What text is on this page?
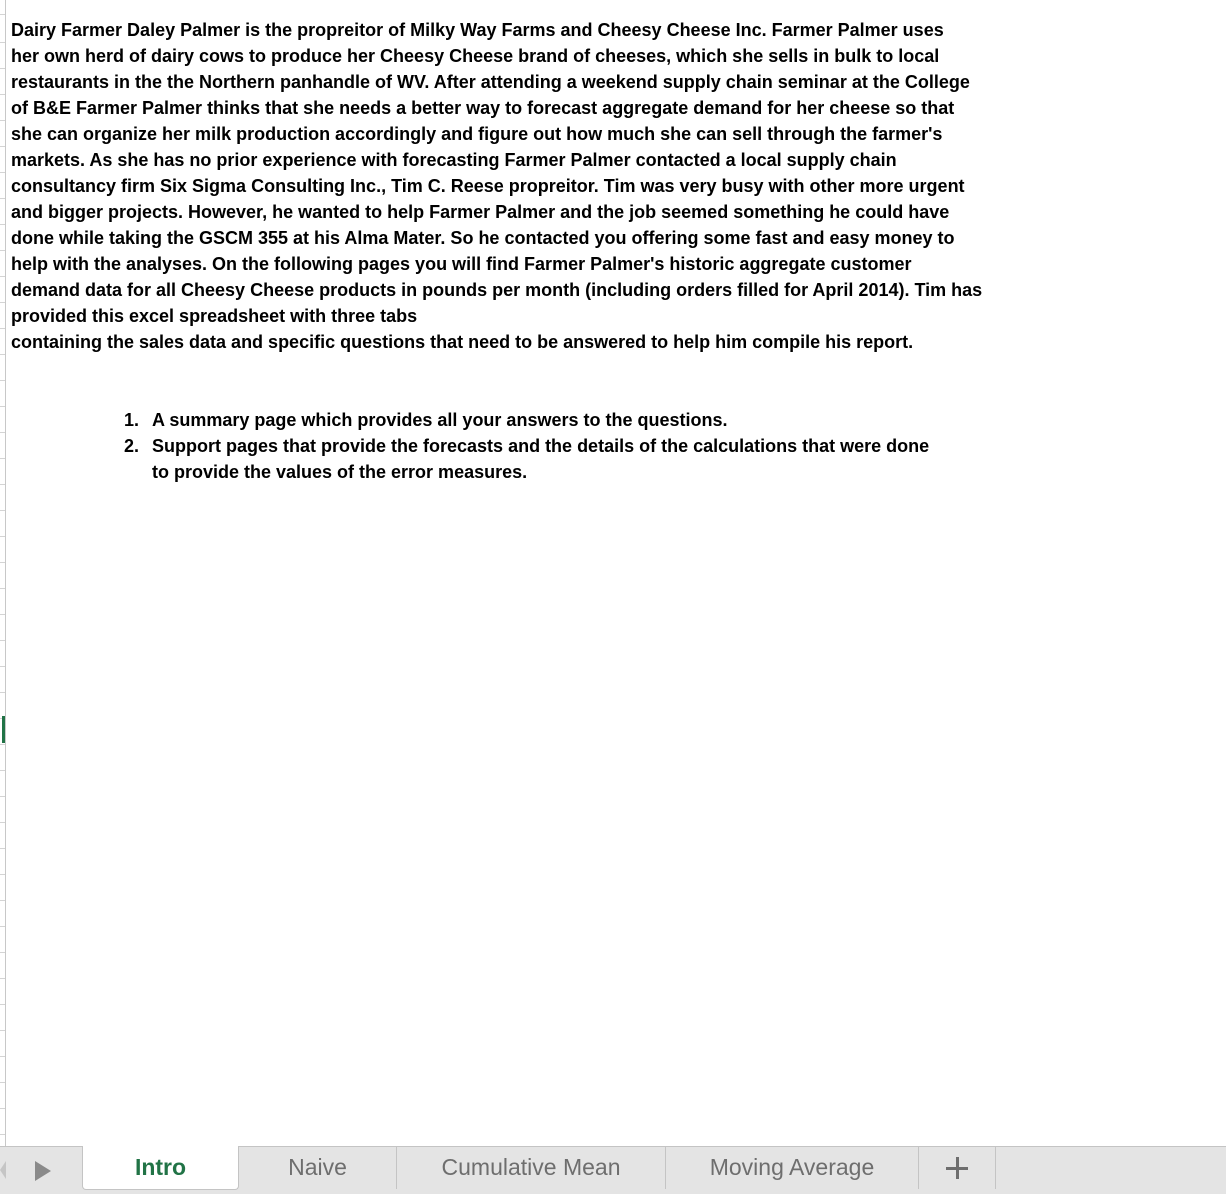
Dairy Farmer Daley Palmer is the propreitor of Milky Way Farms and Cheesy Cheese Inc. Farmer Palmer uses
her own herd of dairy cows to produce her Cheesy Cheese brand of cheeses, which she sells in bulk to local
restaurants in the the Northern panhandle of WV. After attending a weekend supply chain seminar at the College
of B&E Farmer Palmer thinks that she needs a better way to forecast aggregate demand for her cheese so that
she can organize her milk production accordingly and figure out how much she can sell through the farmer's
markets. As she has no prior experience with forecasting Farmer Palmer contacted a local supply chain
consultancy firm Six Sigma Consulting Inc., Tim C. Reese propreitor. Tim was very busy with other more urgent
and bigger projects. However, he wanted to help Farmer Palmer and the job seemed something he could have
done while taking the GSCM 355 at his Alma Mater. So he contacted you offering some fast and easy money to
help with the analyses. On the following pages you will find Farmer Palmer's historic aggregate customer
demand data for all Cheesy Cheese products in pounds per month (including orders filled for April 2014). Tim has
provided this excel spreadsheet with three tabs
containing the sales data and specific questions that need to be answered to help him compile his report.
1. A summary page which provides all your answers to the questions.
2. Support pages that provide the forecasts and the details of the calculations that were done
to provide the values of the error measures.
Intro	Naive	Cumulative Mean	Moving Average
